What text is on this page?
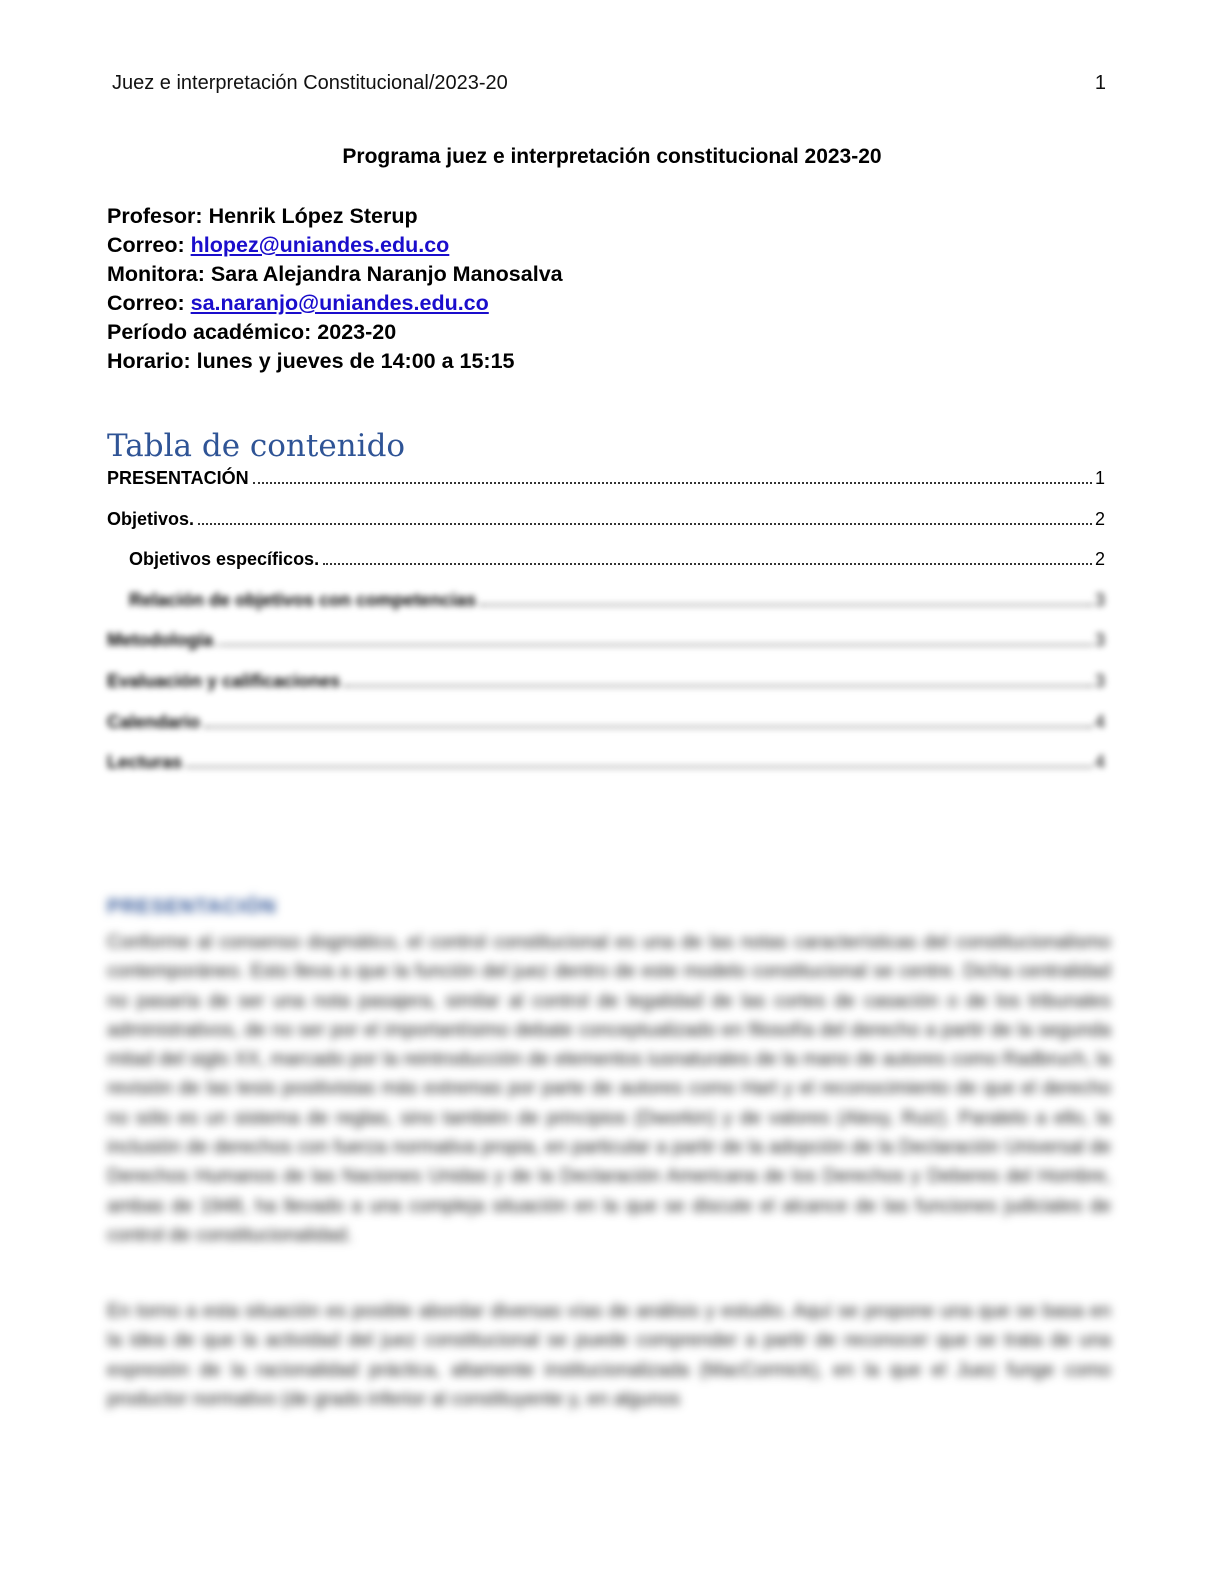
Juez e interpretación Constitucional/2023-20	1
Programa juez e interpretación constitucional 2023-20
Profesor: Henrik López Sterup
Correo: hlopez@uniandes.edu.co
Monitora: Sara Alejandra Naranjo Manosalva
Correo: sa.naranjo@uniandes.edu.co
Período académico: 2023-20
Horario: lunes y jueves de 14:00 a 15:15
Tabla de contenido
PRESENTACIÓN	1
Objetivos.	2
Objetivos específicos.	2
Relación de objetivos con competencias	3
Metodología	3
Evaluación y calificaciones	3
Calendario	4
Lecturas	4
PRESENTACIÓN
Conforme al consenso dogmático, el control constitucional es una de las notas características del constitucionalismo contemporáneo. Esto lleva a que la función del juez dentro de este modelo constitucional se centre. Dicha centralidad no pasaría de ser una nota pasajera, similar al control de legalidad de las cortes de casación o de los tribunales administrativos, de no ser por el importantísimo debate conceptualizado en filosofía del derecho a partir de la segunda mitad del siglo XX, marcado por la reintroducción de elementos iusnaturales de la mano de autores como Radbruch, la revisión de las tesis positivistas más extremas por parte de autores como Hart y el reconocimiento de que el derecho no sólo es un sistema de reglas, sino también de principios (Dworkin) y de valores (Alexy, Ruiz). Paralelo a ello, la inclusión de derechos con fuerza normativa propia, en particular a partir de la adopción de la Declaración Universal de Derechos Humanos de las Naciones Unidas y de la Declaración Americana de los Derechos y Deberes del Hombre, ambas de 1948, ha llevado a una compleja situación en la que se discute el alcance de las funciones judiciales de control de constitucionalidad.
En torno a esta situación es posible abordar diversas vías de análisis y estudio. Aquí se propone una que se basa en la idea de que la actividad del juez constitucional se puede comprender a partir de reconocer que se trata de una expresión de la racionalidad práctica, altamente institucionalizada (MacCormick), en la que el Juez funge como productor normativo (de grado inferior al constituyente y, en algunos
